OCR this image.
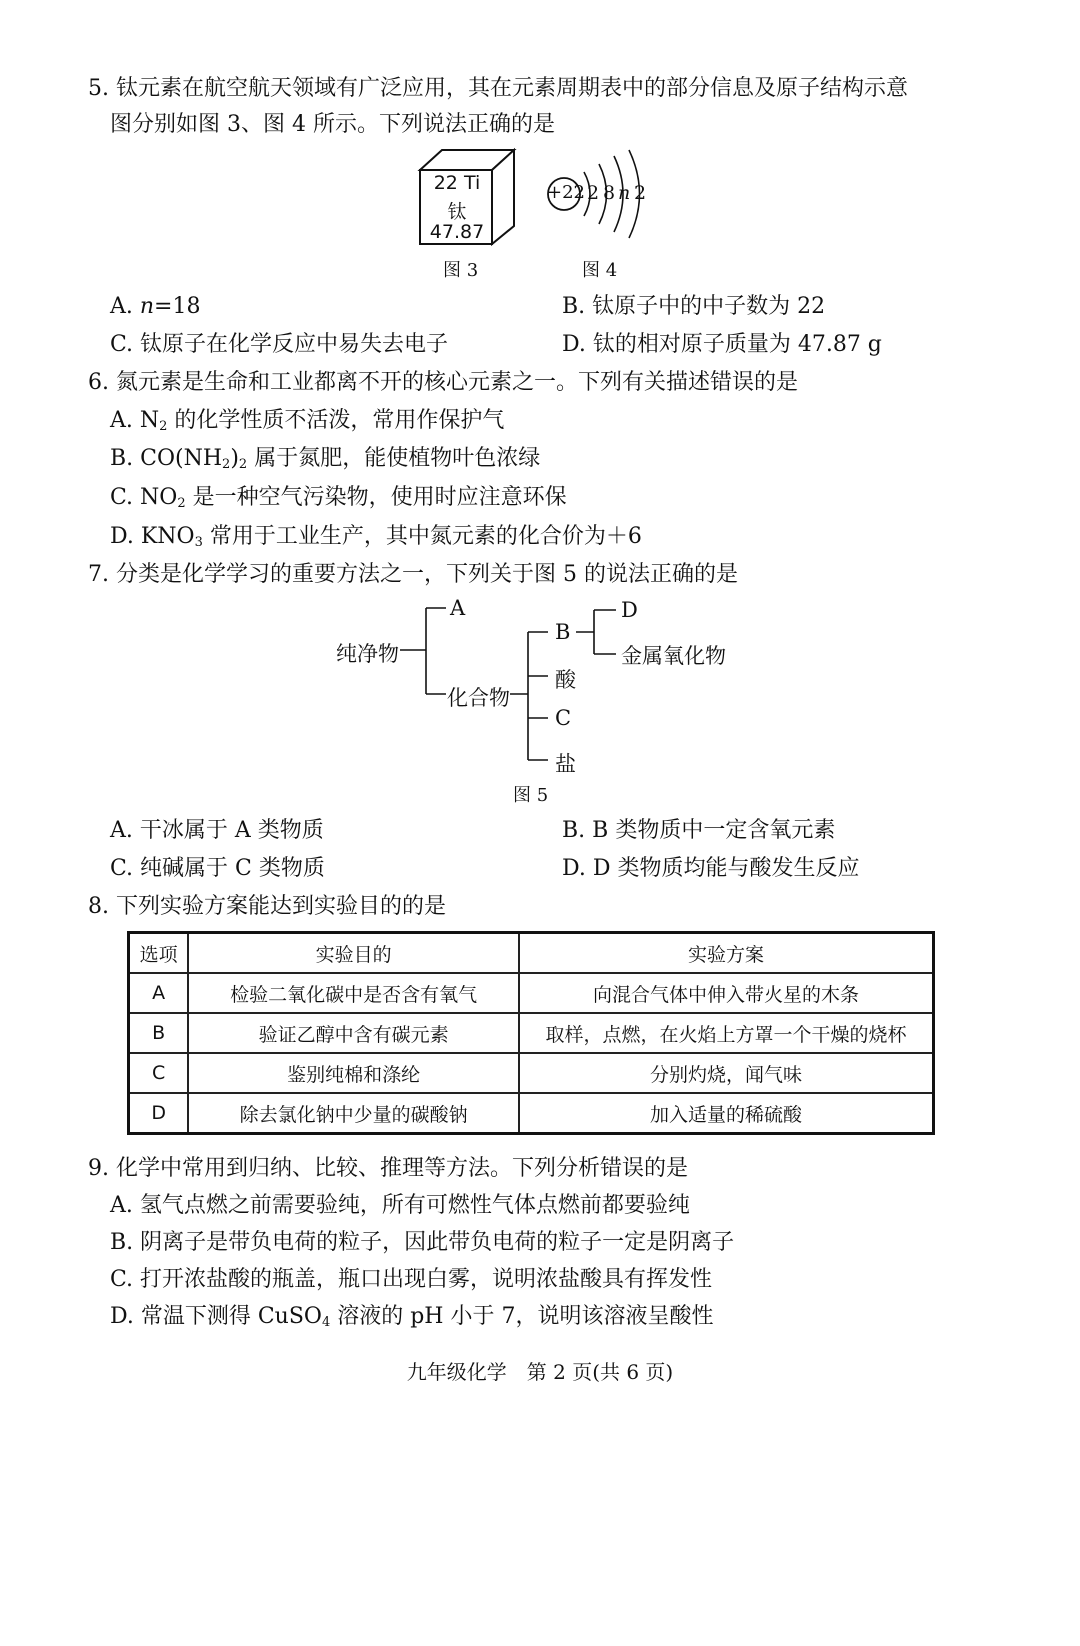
5. 钛元素在航空航天领域有广泛应用，其在元素周期表中的部分信息及原子结构示意
图分别如图 3、图 4 所示。下列说法正确的是
22 Ti
钛
47.87
+22 2 8 n 2
图 3	图 4
A. n=18	B. 钛原子中的中子数为 22
C. 钛原子在化学反应中易失去电子	D. 钛的相对原子质量为 47.87 g
6. 氮元素是生命和工业都离不开的核心元素之一。下列有关描述错误的是
A. $N_2$ 的化学性质不活泼，常用作保护气
B. $CO(NH_2)_2$ 属于氮肥，能使植物叶色浓绿
C. $NO_2$ 是一种空气污染物，使用时应注意环保
D. $KNO_3$ 常用于工业生产，其中氮元素的化合价为＋6
7. 分类是化学学习的重要方法之一，下列关于图 5 的说法正确的是
纯净物
A
化合物
B
D
金属氧化物
酸
C
盐
图 5
A. 干冰属于 A 类物质	B. B 类物质中一定含氧元素
C. 纯碱属于 C 类物质	D. D 类物质均能与酸发生反应
8. 下列实验方案能达到实验目的的是
选项	实验目的	实验方案
A	检验二氧化碳中是否含有氧气	向混合气体中伸入带火星的木条
B	验证乙醇中含有碳元素	取样，点燃，在火焰上方罩一个干燥的烧杯
C	鉴别纯棉和涤纶	分别灼烧，闻气味
D	除去氯化钠中少量的碳酸钠	加入适量的稀硫酸
9. 化学中常用到归纳、比较、推理等方法。下列分析错误的是
A. 氢气点燃之前需要验纯，所有可燃性气体点燃前都要验纯
B. 阴离子是带负电荷的粒子，因此带负电荷的粒子一定是阴离子
C. 打开浓盐酸的瓶盖，瓶口出现白雾，说明浓盐酸具有挥发性
D. 常温下测得 CuSO$_4$ 溶液的 pH 小于 7，说明该溶液呈酸性
九年级化学　第 2 页(共 6 页)
